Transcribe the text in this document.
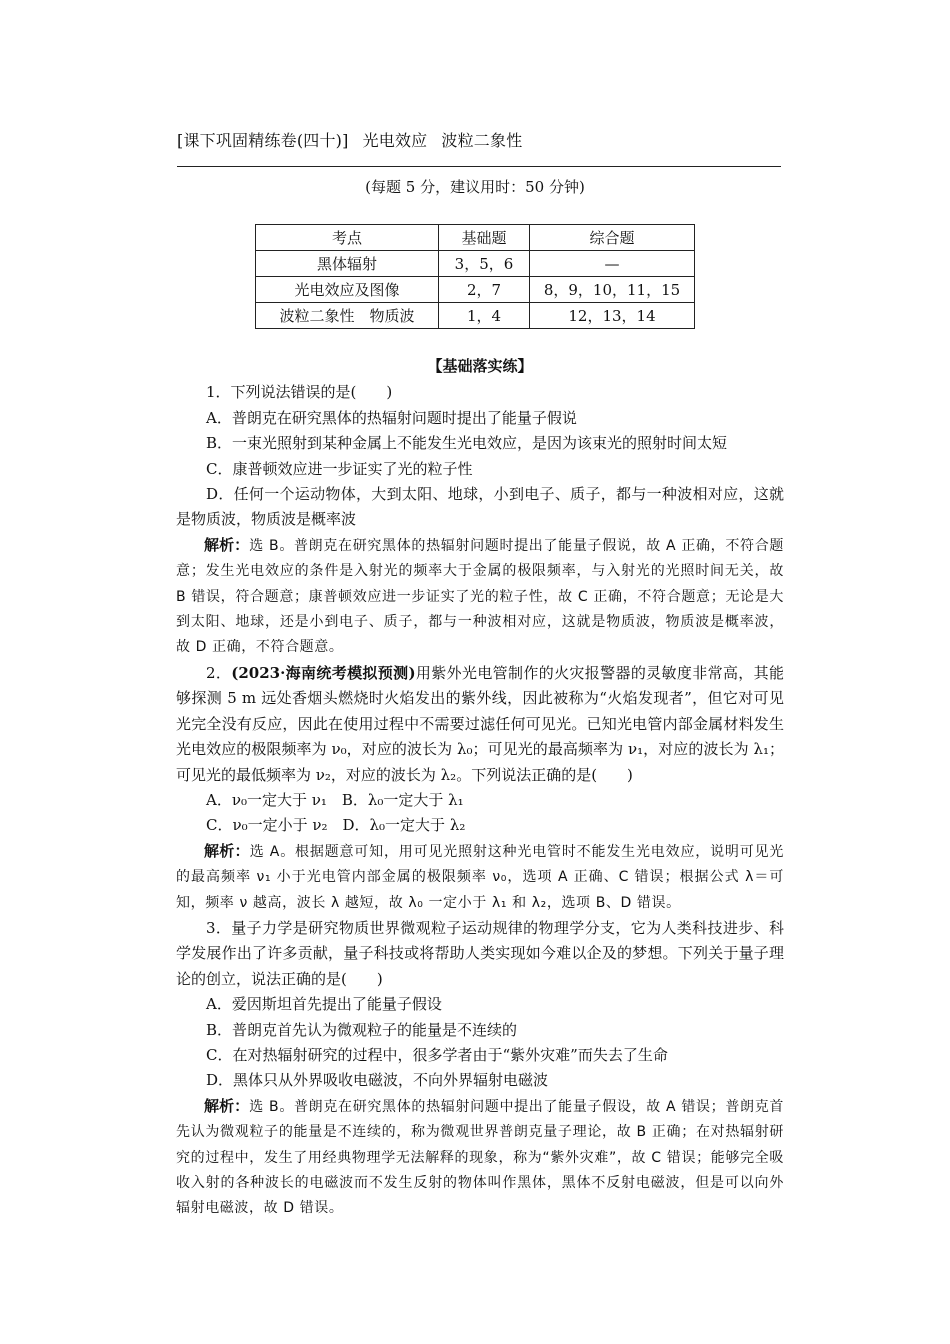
[课下巩固精练卷(四十)] 光电效应 波粒二象性
(每题 5 分，建议用时：50 分钟)
考点	基础题	综合题
黑体辐射	3，5，6	—
光电效应及图像	2，7	8，9，10，11，15
波粒二象性　物质波	1，4	12，13，14

【基础落实练】

1．下列说法错误的是(　　)

A．普朗克在研究黑体的热辐射问题时提出了能量子假说

B．一束光照射到某种金属上不能发生光电效应，是因为该束光的照射时间太短

C．康普顿效应进一步证实了光的粒子性

D．任何一个运动物体，大到太阳、地球，小到电子、质子，都与一种波相对应，这就是物质波，物质波是概率波

解析：选 B。普朗克在研究黑体的热辐射问题时提出了能量子假说，故 A 正确，不符合题意；发生光电效应的条件是入射光的频率大于金属的极限频率，与入射光的光照时间无关，故 B 错误，符合题意；康普顿效应进一步证实了光的粒子性，故 C 正确，不符合题意；无论是大到太阳、地球，还是小到电子、质子，都与一种波相对应，这就是物质波，物质波是概率波，故 D 正确，不符合题意。

2．(2023·海南统考模拟预测)用紫外光电管制作的火灾报警器的灵敏度非常高，其能够探测 5 m 远处香烟头燃烧时火焰发出的紫外线，因此被称为“火焰发现者”，但它对可见光完全没有反应，因此在使用过程中不需要过滤任何可见光。已知光电管内部金属材料发生光电效应的极限频率为 ν₀，对应的波长为 λ₀；可见光的最高频率为 ν₁，对应的波长为 λ₁；可见光的最低频率为 ν₂，对应的波长为 λ₂。下列说法正确的是(　　)

A．ν₀一定大于 ν₁　B．λ₀一定大于 λ₁

C．ν₀一定小于 ν₂　D．λ₀一定大于 λ₂

解析：选 A。根据题意可知，用可见光照射这种光电管时不能发生光电效应，说明可见光的最高频率 ν₁ 小于光电管内部金属的极限频率 ν₀，选项 A 正确、C 错误；根据公式 λ＝可知，频率 ν 越高，波长 λ 越短，故 λ₀ 一定小于 λ₁ 和 λ₂，选项 B、D 错误。

3．量子力学是研究物质世界微观粒子运动规律的物理学分支，它为人类科技进步、科学发展作出了许多贡献，量子科技或将帮助人类实现如今难以企及的梦想。下列关于量子理论的创立，说法正确的是(　　)

A．爱因斯坦首先提出了能量子假设

B．普朗克首先认为微观粒子的能量是不连续的

C．在对热辐射研究的过程中，很多学者由于“紫外灾难”而失去了生命

D．黑体只从外界吸收电磁波，不向外界辐射电磁波

解析：选 B。普朗克在研究黑体的热辐射问题中提出了能量子假设，故 A 错误；普朗克首先认为微观粒子的能量是不连续的，称为微观世界普朗克量子理论，故 B 正确；在对热辐射研究的过程中，发生了用经典物理学无法解释的现象，称为“紫外灾难”，故 C 错误；能够完全吸收入射的各种波长的电磁波而不发生反射的物体叫作黑体，黑体不反射电磁波，但是可以向外辐射电磁波，故 D 错误。
